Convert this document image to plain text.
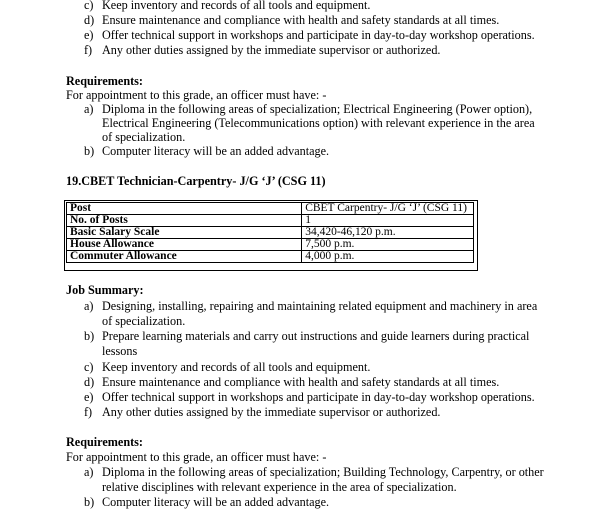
c) Keep inventory and records of all tools and equipment.
d) Ensure maintenance and compliance with health and safety standards at all times.
e) Offer technical support in workshops and participate in day-to-day workshop operations.
f) Any other duties assigned by the immediate supervisor or authorized.
Requirements:
For appointment to this grade, an officer must have: -
a) Diploma in the following areas of specialization; Electrical Engineering (Power option),
Electrical Engineering (Telecommunications option) with relevant experience in the area
of specialization.
b) Computer literacy will be an added advantage.
19.CBET Technician-Carpentry- J/G ‘J’ (CSG 11)
Post	CBET Carpentry- J/G ‘J’ (CSG 11)
No. of Posts	1
Basic Salary Scale	34,420-46,120 p.m.
House Allowance	7,500 p.m.
Commuter Allowance	4,000 p.m.
Job Summary:
a) Designing, installing, repairing and maintaining related equipment and machinery in area
of specialization.
b) Prepare learning materials and carry out instructions and guide learners during practical
lessons
c) Keep inventory and records of all tools and equipment.
d) Ensure maintenance and compliance with health and safety standards at all times.
e) Offer technical support in workshops and participate in day-to-day workshop operations.
f) Any other duties assigned by the immediate supervisor or authorized.
Requirements:
For appointment to this grade, an officer must have: -
a) Diploma in the following areas of specialization; Building Technology, Carpentry, or other
relative disciplines with relevant experience in the area of specialization.
b) Computer literacy will be an added advantage.
